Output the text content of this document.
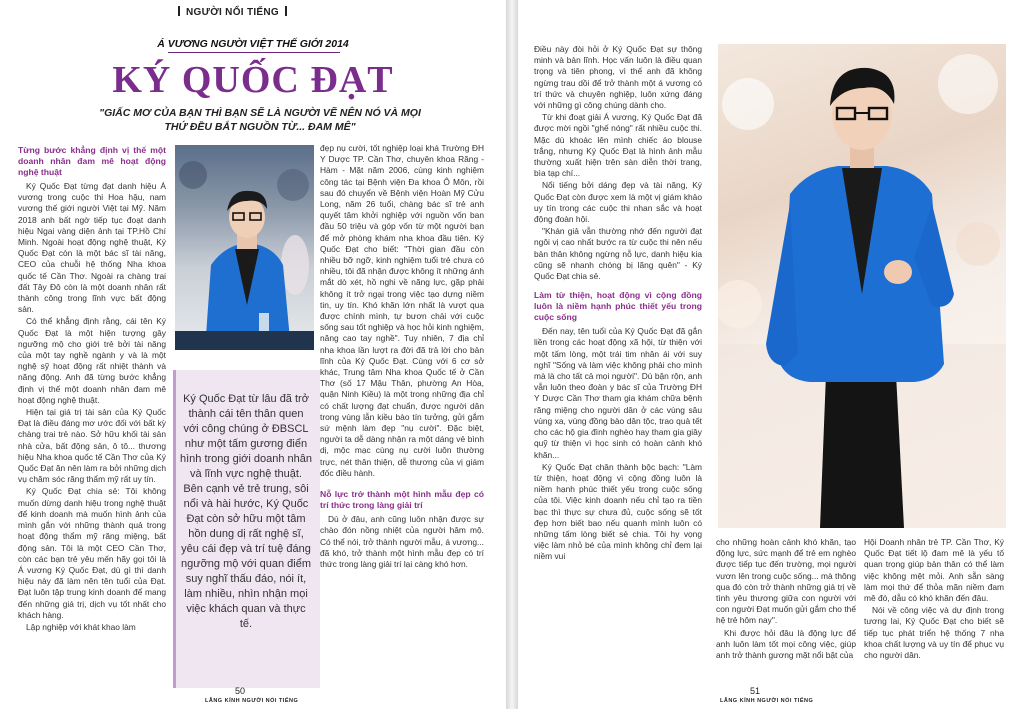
NGƯỜI NỔI TIẾNG
Á VƯƠNG NGƯỜI VIỆT THẾ GIỚI 2014
KÝ QUỐC ĐẠT
"GIẤC MƠ CỦA BẠN THÌ BẠN SẼ LÀ NGƯỜI VẼ NÊN NÓ VÀ MỌI THỨ ĐỀU BẮT NGUỒN TỪ... ĐAM MÊ"
Từng bước khẳng định vị thế một doanh nhân đam mê hoạt động nghệ thuật

Ký Quốc Đạt từng đạt danh hiệu Á vương trong cuộc thi Hoa hậu, nam vương thế giới người Việt tại Mỹ. Năm 2018 anh bất ngờ tiếp tục đoạt danh hiệu Ngai vàng diện ảnh tại TP.Hồ Chí Minh. Ngoài hoạt động nghệ thuật, Ký Quốc Đạt còn là một bác sĩ tài năng, CEO của chuỗi hệ thống Nha khoa quốc tế Cần Thơ. Ngoài ra chàng trai đất Tây Đô còn là một doanh nhân rất thành công trong lĩnh vực bất động sản.

Có thể khẳng định rằng, cái tên Ký Quốc Đạt là một hiện tượng gây ngưỡng mộ cho giới trẻ bởi tài năng của một tay nghề ngành y và là một nghệ sỹ hoạt động rất nhiệt thành và năng động. Anh đã từng bước khẳng định vị thế một doanh nhân đam mê hoạt động nghệ thuật.

Hiện tại giá trị tài sản của Ký Quốc Đạt là điều đáng mơ ước đối với bất kỳ chàng trai trẻ nào. Sở hữu khối tài sản nhà cửa, bất động sản, ô tô... thương hiệu Nha khoa quốc tế Cần Thơ của Ký Quốc Đạt ăn nên làm ra bởi những dịch vụ chăm sóc răng thẩm mỹ rất uy tín.

Ký Quốc Đạt chia sẻ: Tôi không muốn dừng danh hiệu trong nghệ thuật để kinh doanh mà muốn hình ảnh của mình gắn với những thành quả trong hoạt động thẩm mỹ răng miệng, bất động sản. Tôi là một CEO Cần Thơ, còn các bạn trẻ yêu mến hãy gọi tôi là Á vương Ký Quốc Đạt, dù gì thì danh hiệu này đã làm nên tên tuổi của Đạt. Đạt luôn tập trung kinh doanh để mang đến những giá trị, dịch vụ tốt nhất cho khách hàng.

Lập nghiệp với khát khao làm

Ký Quốc Đạt từ lâu đã trở thành cái tên thân quen với công chúng ở ĐBSCL như một tấm gương điển hình trong giới doanh nhân và lĩnh vực nghệ thuật. Bên cạnh vẻ trẻ trung, sôi nổi và hài hước, Ký Quốc Đạt còn sở hữu một tâm hồn dung dị rất nghệ sĩ, yêu cái đẹp và trí tuệ đáng ngưỡng mộ với quan điểm suy nghĩ thấu đáo, nói ít, làm nhiều, nhìn nhận mọi việc khách quan và thực tế.

đẹp nụ cười, tốt nghiệp loại khá Trường ĐH Y Dược TP. Cần Thơ, chuyên khoa Răng - Hàm - Mặt năm 2006, cùng kinh nghiệm công tác tại Bệnh viện Đa khoa Ô Môn, rồi sau đó chuyển về Bệnh viện Hoàn Mỹ Cửu Long, năm 26 tuổi, chàng bác sĩ trẻ anh quyết tâm khởi nghiệp với nguồn vốn ban đầu 50 triệu và góp vốn từ một người bạn để mở phòng khám nha khoa đầu tiên. Ký Quốc Đạt cho biết: "Thời gian đầu còn nhiều bỡ ngỡ, kinh nghiệm tuổi trẻ chưa có nhiều, tôi đã nhận được không ít những ánh mắt dò xét, hồ nghi về năng lực, gặp phải không ít trở ngại trong việc tạo dựng niềm tin, uy tín. Khó khăn lớn nhất là vượt qua được chính mình, tự bươn chải với cuộc sống sau tốt nghiệp và học hỏi kinh nghiệm, năng cao tay nghề". Tuy nhiên, 7 địa chỉ nha khoa lần lượt ra đời đã trả lời cho bản lĩnh của Ký Quốc Đạt. Cùng với 6 cơ sở khác, Trung tâm Nha khoa Quốc tế ở Cần Thơ (số 17 Mậu Thân, phường An Hòa, quận Ninh Kiều) là một trong những địa chỉ có chất lượng đạt chuẩn, được người dân trong vùng lẫn kiều bào tín tưởng, gửi gắm sứ mệnh làm đẹp "nụ cười". Đặc biệt, người ta dễ dàng nhận ra một dáng vẻ bình dị, mộc mạc cùng nụ cười luôn thường trực, nét thân thiện, dễ thương của vị giám đốc điều hành.

Nỗ lực trở thành một hình mẫu đẹp có trí thức trong làng giải trí

Dù ở đâu, anh cũng luôn nhận được sự chào đón nồng nhiệt của người hâm mộ. Có thể nói, trở thành người mẫu, á vương... đã khó, trở thành một hình mẫu đẹp có trí thức trong làng giải trí lại càng khó hơn.

50
LĂNG KÍNH NGƯỜI NỔI TIẾNG

Điều này đòi hỏi ở Ký Quốc Đạt sự thông minh và bản lĩnh. Học vấn luôn là điều quan trọng và tiên phong, vì thế anh đã không ngừng trau dồi để trở thành một á vương có trí thức và chuyên nghiệp, luôn xứng đáng với những gì công chúng dành cho.

Từ khi đoạt giải Á vương, Ký Quốc Đạt đã được mời ngồi "ghế nóng" rất nhiều cuộc thi. Mặc dù khoác lên mình chiếc áo blouse trắng, nhưng Ký Quốc Đạt là hình ảnh mẫu thường xuất hiện trên sàn diễn thời trang, bìa tạp chí...

Nổi tiếng bởi dáng đẹp và tài năng, Ký Quốc Đạt còn được xem là một vị giám khảo uy tín trong các cuộc thi nhan sắc và hoạt động đoàn hội.

"Khán giả vẫn thường nhớ đến người đạt ngôi vị cao nhất bước ra từ cuộc thi nên nếu bản thân không ngừng nỗ lực, danh hiệu kia cũng sẽ nhanh chóng bị lãng quên" - Ký Quốc Đạt chia sẻ.

Làm từ thiện, hoạt động vì cộng đồng luôn là niềm hạnh phúc thiết yếu trong cuộc sống

Đến nay, tên tuổi của Ký Quốc Đạt đã gắn liền trong các hoạt động xã hội, từ thiện với một tấm lòng, một trái tim nhân ái với suy nghĩ "Sống và làm việc không phải cho mình mà là cho tất cả mọi người". Dù bận rộn, anh vẫn luôn theo đoàn y bác sĩ của Trường ĐH Y Dược Cần Thơ tham gia khám chữa bệnh răng miệng cho người dân ở các vùng sâu vùng xa, vùng đồng bào dân tộc, trao quà tết cho các hộ gia đình nghèo hay tham gia giây quỹ từ thiện vì học sinh có hoàn cảnh khó khăn...

Ký Quốc Đạt chân thành bộc bạch: "Làm từ thiện, hoạt động vì cộng đồng luôn là niềm hạnh phúc thiết yếu trong cuộc sống của tôi. Việc kinh doanh nếu chỉ tạo ra tiền bạc thì thực sự chưa đủ, cuộc sống sẽ tốt đẹp hơn biết bao nếu quanh mình luôn có những tấm lòng biết sẻ chia. Tôi hy vọng việc làm nhỏ bé của mình không chỉ đem lại niềm vui

cho những hoàn cảnh khó khăn, tạo động lực, sức mạnh để trẻ em nghèo được tiếp tục đến trường, mọi người vươn lên trong cuộc sống... mà thông qua đó còn trở thành những giá trị về tình yêu thương giữa con người với con người Đạt muốn gửi gắm cho thế hệ trẻ hôm nay".

Khi được hỏi đâu là động lực để anh luôn làm tốt mọi công việc, giúp anh trở thành gương mặt nổi bật của

Hội Doanh nhân trẻ TP. Cần Thơ, Ký Quốc Đạt tiết lộ đam mê là yếu tố quan trọng giúp bản thân có thể làm việc không mệt mỏi. Anh sẵn sàng làm mọi thứ để thỏa mãn niềm đam mê đó, dẫu có khó khăn đến đâu.

Nói về công việc và dự định trong tương lai, Ký Quốc Đạt cho biết sẽ tiếp tục phát triển hệ thống 7 nha khoa chất lượng và uy tín để phục vụ cho người dân.

51
LĂNG KÍNH NGƯỜI NỔI TIẾNG
